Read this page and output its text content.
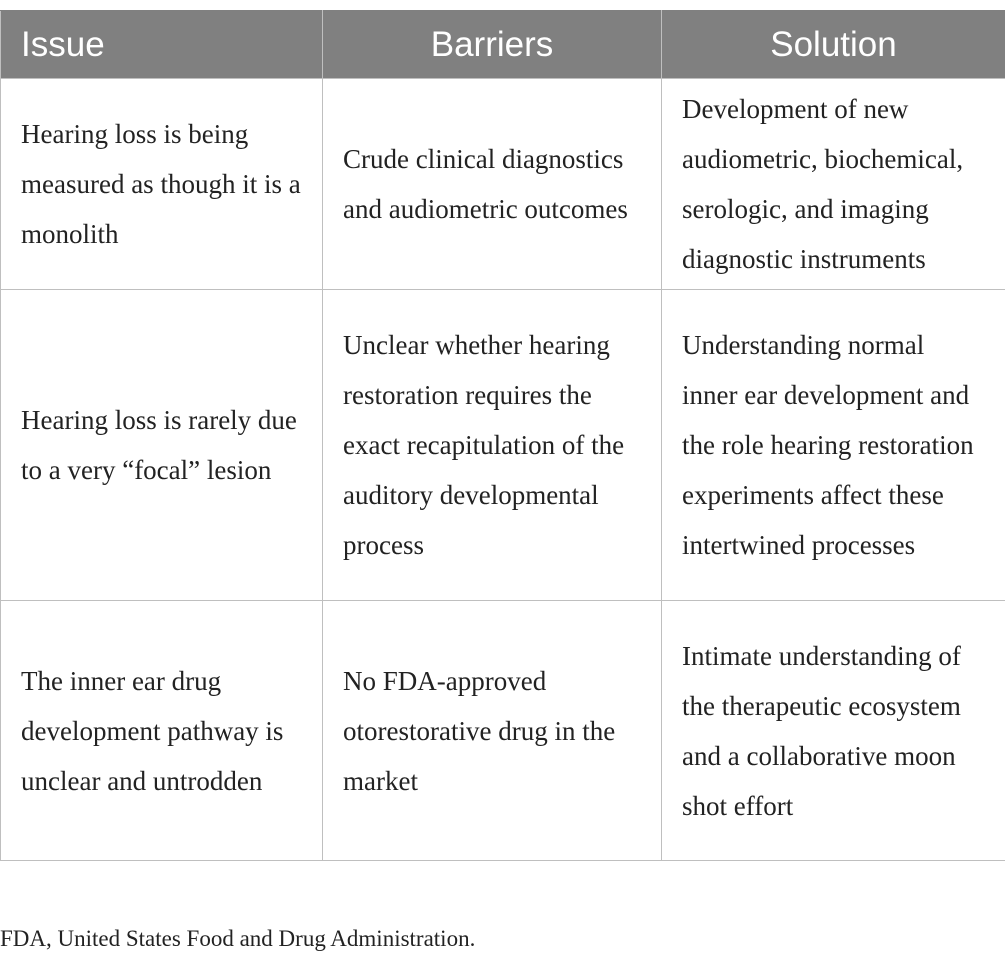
Issue	Barriers	Solution
Hearing loss is being measured as though it is a monolith	Crude clinical diagnostics and audiometric outcomes	Development of new audiometric, biochemical, serologic, and imaging diagnostic instruments
Hearing loss is rarely due to a very “focal” lesion	Unclear whether hearing restoration requires the exact recapitulation of the auditory developmental process	Understanding normal inner ear development and the role hearing restoration experiments affect these intertwined processes
The inner ear drug development pathway is unclear and untrodden	No FDA-approved otorestorative drug in the market	Intimate understanding of the therapeutic ecosystem and a collaborative moon shot effort
FDA, United States Food and Drug Administration.
